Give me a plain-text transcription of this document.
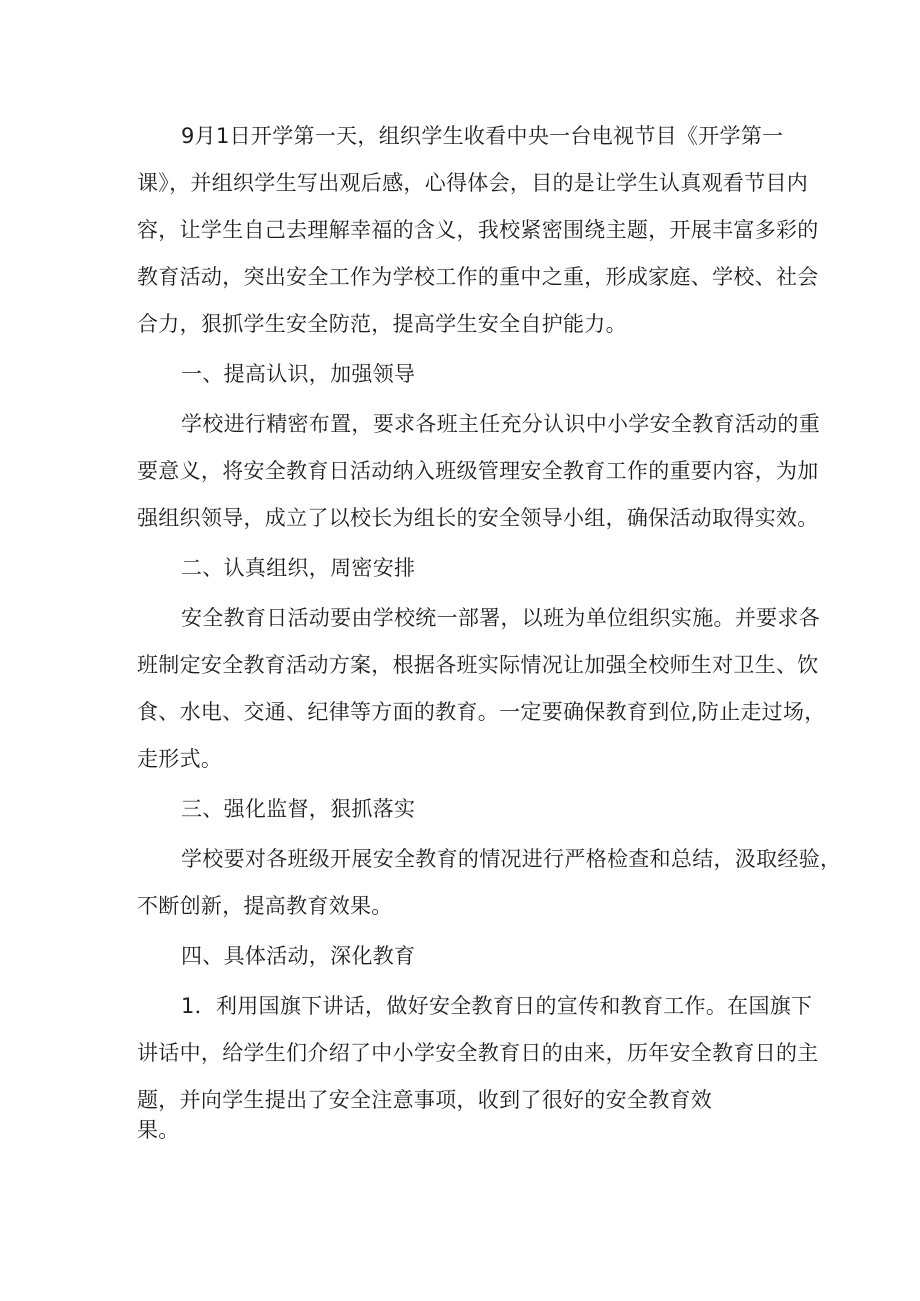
9月1日开学第一天，组织学生收看中央一台电视节目《开学第一
课》，并组织学生写出观后感，心得体会，目的是让学生认真观看节目内
容，让学生自己去理解幸福的含义，我校紧密围绕主题，开展丰富多彩的
教育活动，突出安全工作为学校工作的重中之重，形成家庭、学校、社会
合力，狠抓学生安全防范，提高学生安全自护能力。
一、提高认识，加强领导
学校进行精密布置，要求各班主任充分认识中小学安全教育活动的重
要意义，将安全教育日活动纳入班级管理安全教育工作的重要内容，为加
强组织领导，成立了以校长为组长的安全领导小组，确保活动取得实效。
二、认真组织，周密安排
安全教育日活动要由学校统一部署，以班为单位组织实施。并要求各
班制定安全教育活动方案，根据各班实际情况让加强全校师生对卫生、饮
食、水电、交通、纪律等方面的教育。一定要确保教育到位,防止走过场，
走形式。
三、强化监督，狠抓落实
学校要对各班级开展安全教育的情况进行严格检查和总结，汲取经验，
不断创新，提高教育效果。
四、具体活动，深化教育
1．利用国旗下讲话，做好安全教育日的宣传和教育工作。在国旗下
讲话中，给学生们介绍了中小学安全教育日的由来，历年安全教育日的主
题，并向学生提出了安全注意事项，收到了很好的安全教育效
果。
